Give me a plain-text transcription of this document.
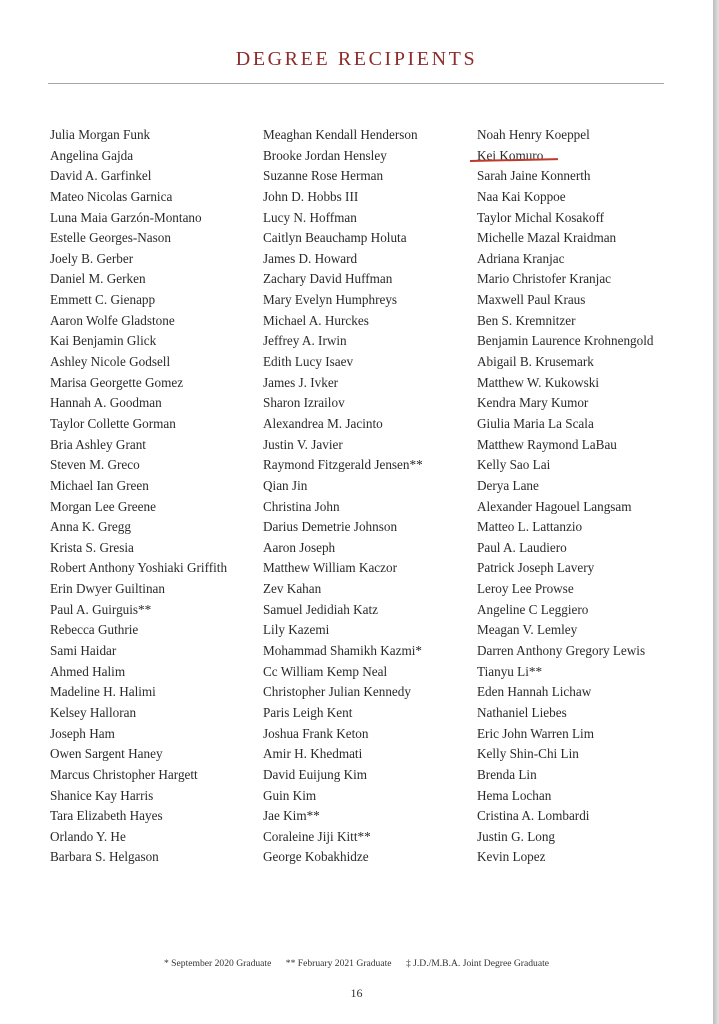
DEGREE RECIPIENTS
Julia Morgan Funk
Angelina Gajda
David A. Garfinkel
Mateo Nicolas Garnica
Luna Maia Garzón-Montano
Estelle Georges-Nason
Joely B. Gerber
Daniel M. Gerken
Emmett C. Gienapp
Aaron Wolfe Gladstone
Kai Benjamin Glick
Ashley Nicole Godsell
Marisa Georgette Gomez
Hannah A. Goodman
Taylor Collette Gorman
Bria Ashley Grant
Steven M. Greco
Michael Ian Green
Morgan Lee Greene
Anna K. Gregg
Krista S. Gresia
Robert Anthony Yoshiaki Griffith
Erin Dwyer Guiltinan
Paul A. Guirguis**
Rebecca Guthrie
Sami Haidar
Ahmed Halim
Madeline H. Halimi
Kelsey Halloran
Joseph Ham
Owen Sargent Haney
Marcus Christopher Hargett
Shanice Kay Harris
Tara Elizabeth Hayes
Orlando Y. He
Barbara S. Helgason
Meaghan Kendall Henderson
Brooke Jordan Hensley
Suzanne Rose Herman
John D. Hobbs III
Lucy N. Hoffman
Caitlyn Beauchamp Holuta
James D. Howard
Zachary David Huffman
Mary Evelyn Humphreys
Michael A. Hurckes
Jeffrey A. Irwin
Edith Lucy Isaev
James J. Ivker
Sharon Izrailov
Alexandrea M. Jacinto
Justin V. Javier
Raymond Fitzgerald Jensen**
Qian Jin
Christina John
Darius Demetrie Johnson
Aaron Joseph
Matthew William Kaczor
Zev Kahan
Samuel Jedidiah Katz
Lily Kazemi
Mohammad Shamikh Kazmi*
Cc William Kemp Neal
Christopher Julian Kennedy
Paris Leigh Kent
Joshua Frank Keton
Amir H. Khedmati
David Euijung Kim
Guin Kim
Jae Kim**
Coraleine Jiji Kitt**
George Kobakhidze
Noah Henry Koeppel
Kei Komuro
Sarah Jaine Konnerth
Naa Kai Koppoe
Taylor Michal Kosakoff
Michelle Mazal Kraidman
Adriana Kranjac
Mario Christofer Kranjac
Maxwell Paul Kraus
Ben S. Kremnitzer
Benjamin Laurence Krohnengold
Abigail B. Krusemark
Matthew W. Kukowski
Kendra Mary Kumor
Giulia Maria La Scala
Matthew Raymond LaBau
Kelly Sao Lai
Derya Lane
Alexander Hagouel Langsam
Matteo L. Lattanzio
Paul A. Laudiero
Patrick Joseph Lavery
Leroy Lee Prowse
Angeline C Leggiero
Meagan V. Lemley
Darren Anthony Gregory Lewis
Tianyu Li**
Eden Hannah Lichaw
Nathaniel Liebes
Eric John Warren Lim
Kelly Shin-Chi Lin
Brenda Lin
Hema Lochan
Cristina A. Lombardi
Justin G. Long
Kevin Lopez
* September 2020 Graduate ** February 2021 Graduate ‡ J.D./M.B.A. Joint Degree Graduate
16
